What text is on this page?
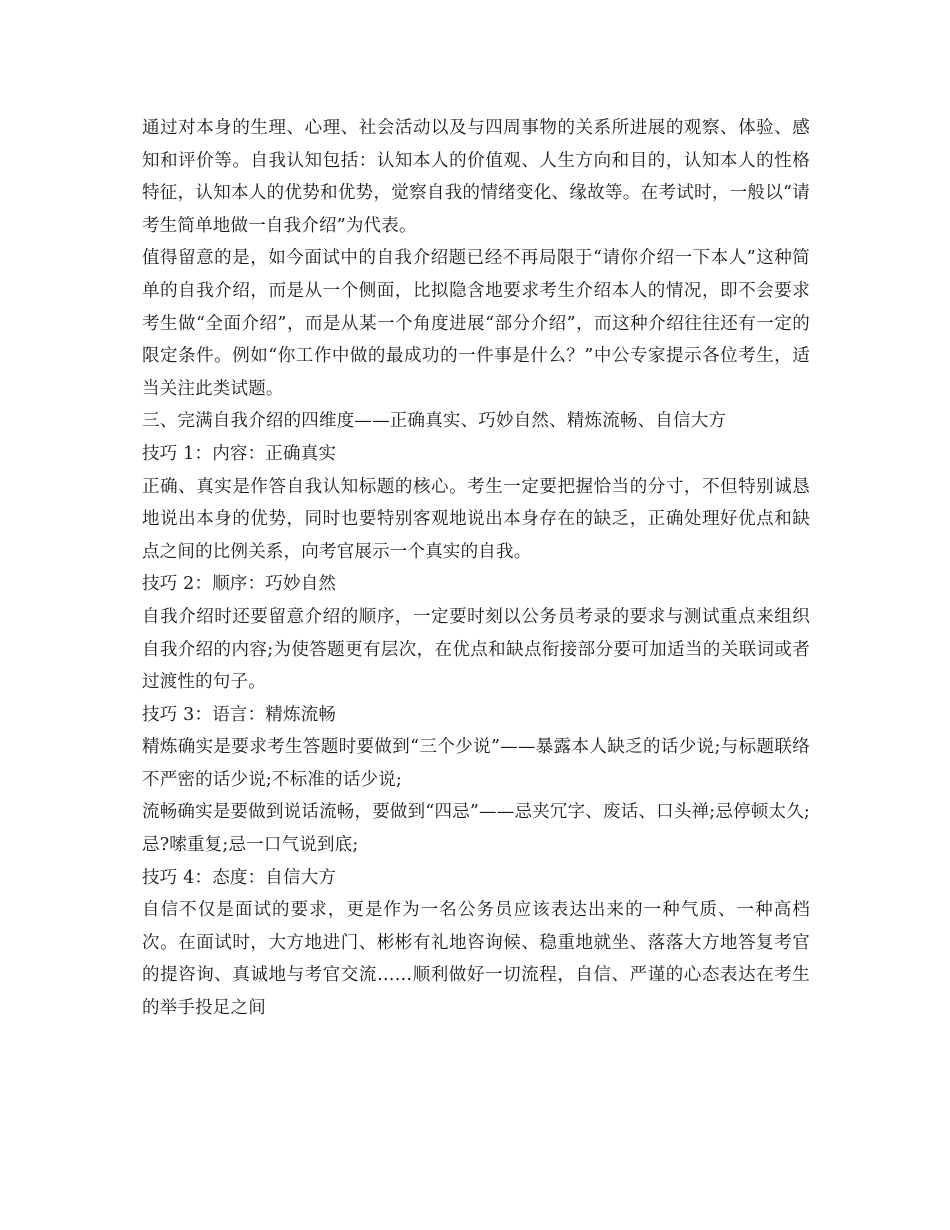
通过对本身的生理、心理、社会活动以及与四周事物的关系所进展的观察、体验、感知和评价等。自我认知包括：认知本人的价值观、人生方向和目的，认知本人的性格特征，认知本人的优势和优势，觉察自我的情绪变化、缘故等。在考试时，一般以“请考生简单地做一自我介绍”为代表。

值得留意的是，如今面试中的自我介绍题已经不再局限于“请你介绍一下本人”这种简单的自我介绍，而是从一个侧面，比拟隐含地要求考生介绍本人的情况，即不会要求考生做“全面介绍”，而是从某一个角度进展“部分介绍”，而这种介绍往往还有一定的限定条件。例如“你工作中做的最成功的一件事是什么？”中公专家提示各位考生，适当关注此类试题。

三、完满自我介绍的四维度——正确真实、巧妙自然、精炼流畅、自信大方

技巧 1：内容：正确真实

正确、真实是作答自我认知标题的核心。考生一定要把握恰当的分寸，不但特别诚恳地说出本身的优势，同时也要特别客观地说出本身存在的缺乏，正确处理好优点和缺点之间的比例关系，向考官展示一个真实的自我。

技巧 2：顺序：巧妙自然

自我介绍时还要留意介绍的顺序，一定要时刻以公务员考录的要求与测试重点来组织自我介绍的内容;为使答题更有层次，在优点和缺点衔接部分要可加适当的关联词或者过渡性的句子。

技巧 3：语言：精炼流畅

精炼确实是要求考生答题时要做到“三个少说”——暴露本人缺乏的话少说;与标题联络不严密的话少说;不标准的话少说;

流畅确实是要做到说话流畅，要做到“四忌”——忌夹冗字、废话、口头禅;忌停顿太久;忌?嗦重复;忌一口气说到底;

技巧 4：态度：自信大方

自信不仅是面试的要求，更是作为一名公务员应该表达出来的一种气质、一种高档次。在面试时，大方地进门、彬彬有礼地咨询候、稳重地就坐、落落大方地答复考官的提咨询、真诚地与考官交流……顺利做好一切流程，自信、严谨的心态表达在考生的举手投足之间
